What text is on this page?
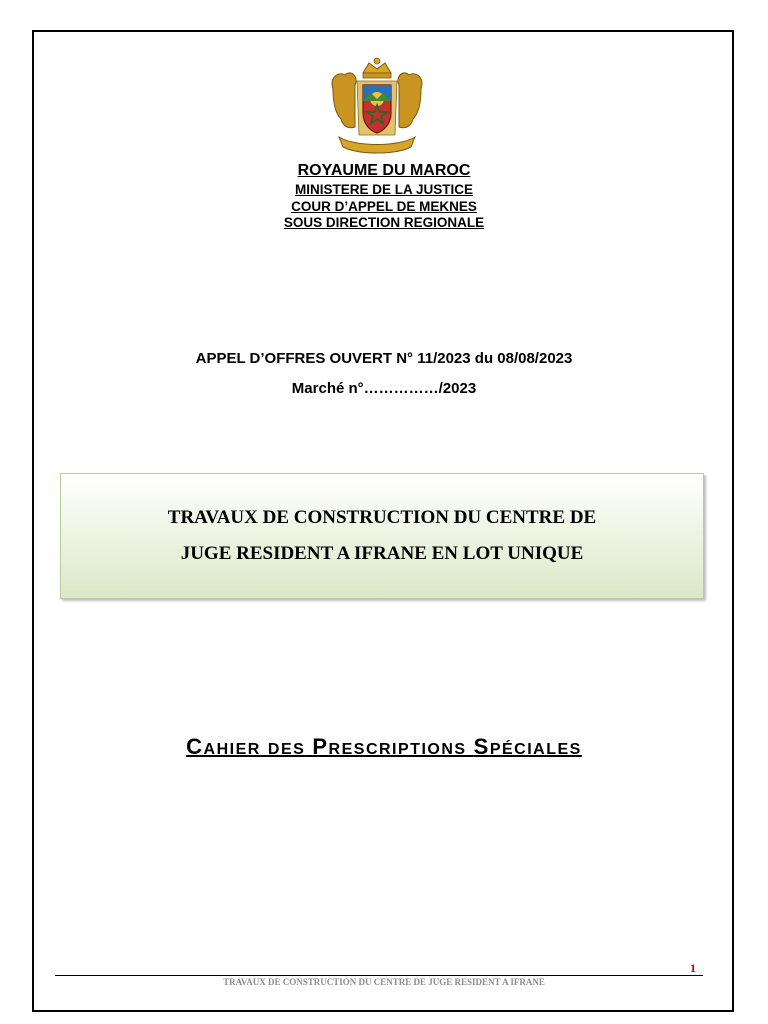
ROYAUME DU MAROC
MINISTERE DE LA JUSTICE
COUR D’APPEL DE MEKNES
SOUS DIRECTION REGIONALE
APPEL D’OFFRES OUVERT N° 11/2023 du 08/08/2023
Marché n°……………/2023
TRAVAUX DE CONSTRUCTION DU CENTRE DE
JUGE RESIDENT A IFRANE EN LOT UNIQUE
CAHIER DES PRESCRIPTIONS SPÉCIALES
1
TRAVAUX DE CONSTRUCTION DU CENTRE DE JUGE RESIDENT A IFRANE
